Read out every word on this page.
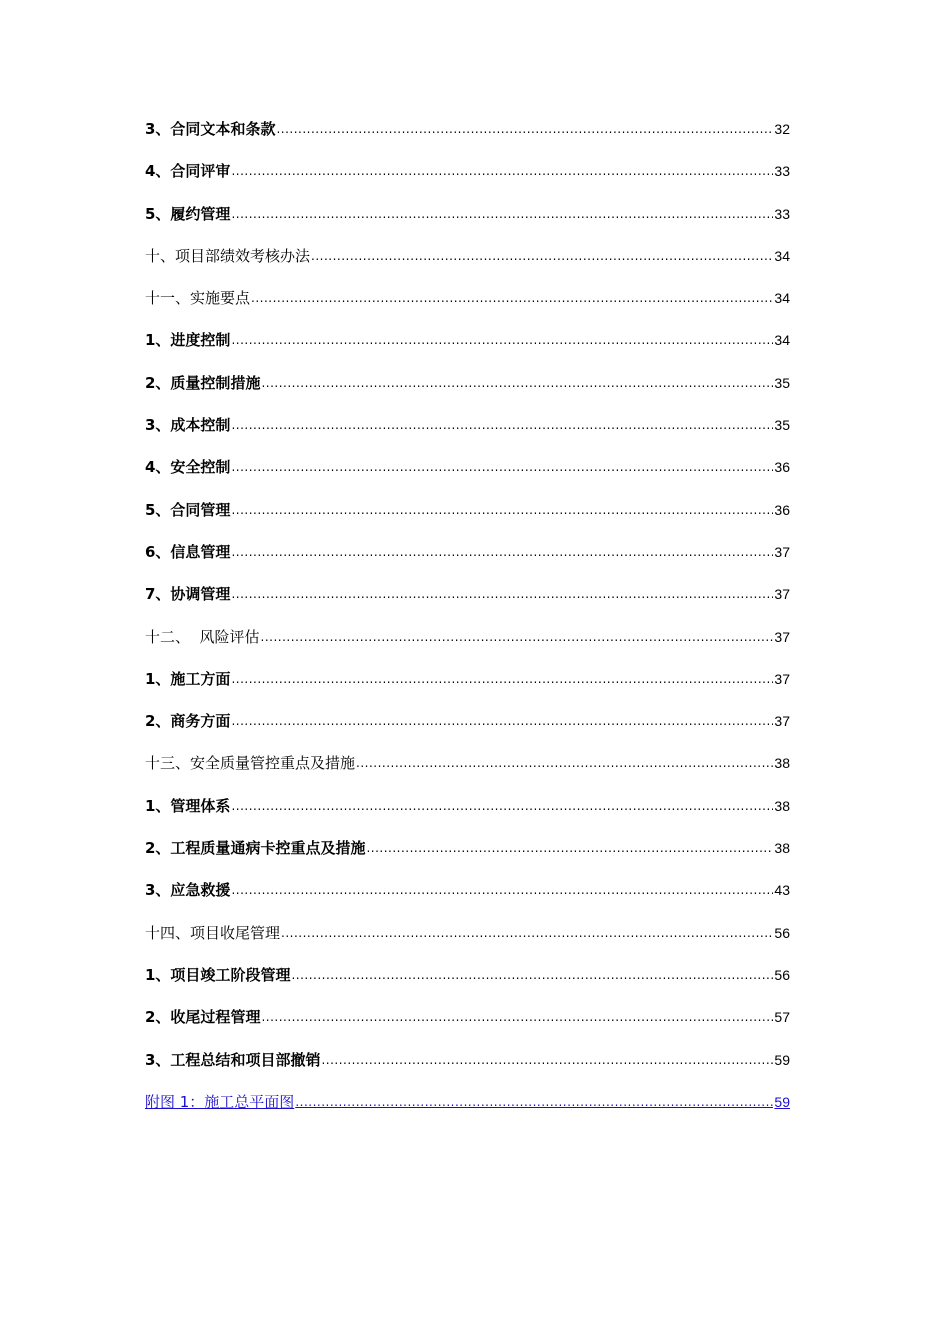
3、合同文本和条款 .....	32
4、合同评审 .....	33
5、履约管理 .....	33
十、项目部绩效考核办法 .....	34
十一、实施要点 .....	34
1、进度控制 .....	34
2、质量控制措施 .....	35
3、成本控制 .....	35
4、安全控制 .....	36
5、合同管理 .....	36
6、信息管理 .....	37
7、协调管理 .....	37
十二、  风险评估 .....	37
1、施工方面 .....	37
2、商务方面 .....	37
十三、安全质量管控重点及措施 .....	38
1、管理体系 .....	38
2、工程质量通病卡控重点及措施 .....	38
3、应急救援 .....	43
十四、项目收尾管理 .....	56
1、项目竣工阶段管理 .....	56
2、收尾过程管理 .....	57
3、工程总结和项目部撤销 .....	59
附图 1：施工总平面图 .....	59
